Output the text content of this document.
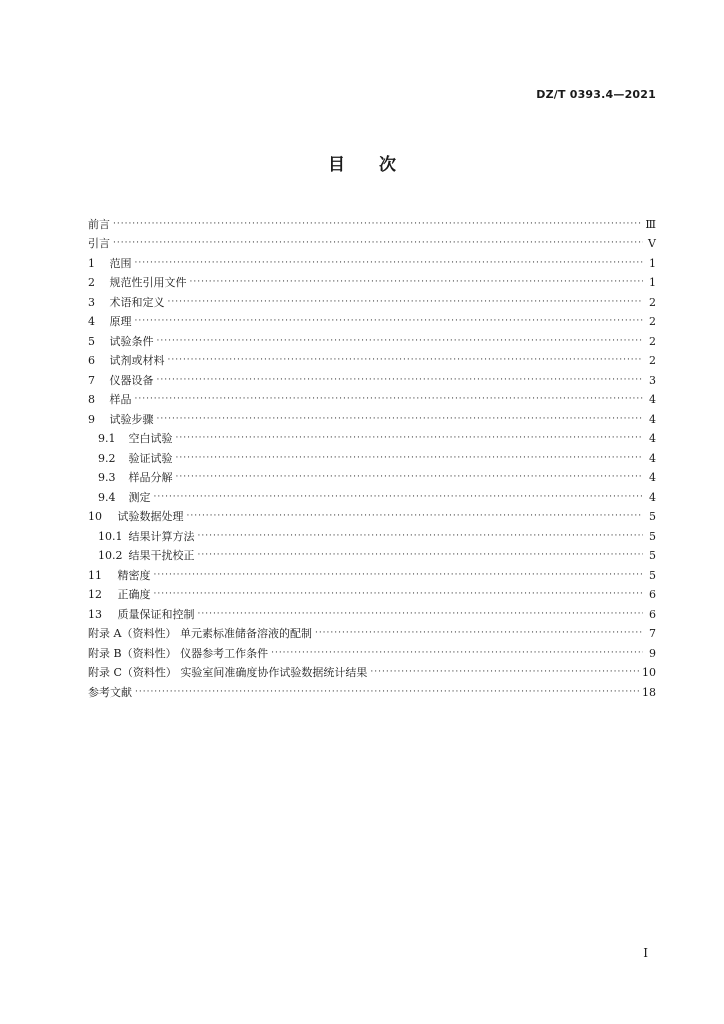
DZ/T 0393.4—2021
目 次
前言 ·····	Ⅲ
引言 ·····	Ⅴ
1 范围 ·····	1
2 规范性引用文件 ·····	1
3 术语和定义 ·····	2
4 原理 ·····	2
5 试验条件 ·····	2
6 试剂或材料 ·····	2
7 仪器设备 ·····	3
8 样品 ·····	4
9 试验步骤 ·····	4
9.1 空白试验 ·····	4
9.2 验证试验 ·····	4
9.3 样品分解 ·····	4
9.4 测定 ·····	4
10 试验数据处理 ·····	5
10.1 结果计算方法 ·····	5
10.2 结果干扰校正 ·····	5
11 精密度 ·····	5
12 正确度 ·····	6
13 质量保证和控制 ·····	6
附录 A（资料性） 单元素标准储备溶液的配制 ·····	7
附录 B（资料性） 仪器参考工作条件 ·····	9
附录 C（资料性） 实验室间准确度协作试验数据统计结果 ·····	10
参考文献 ·····	18
I
